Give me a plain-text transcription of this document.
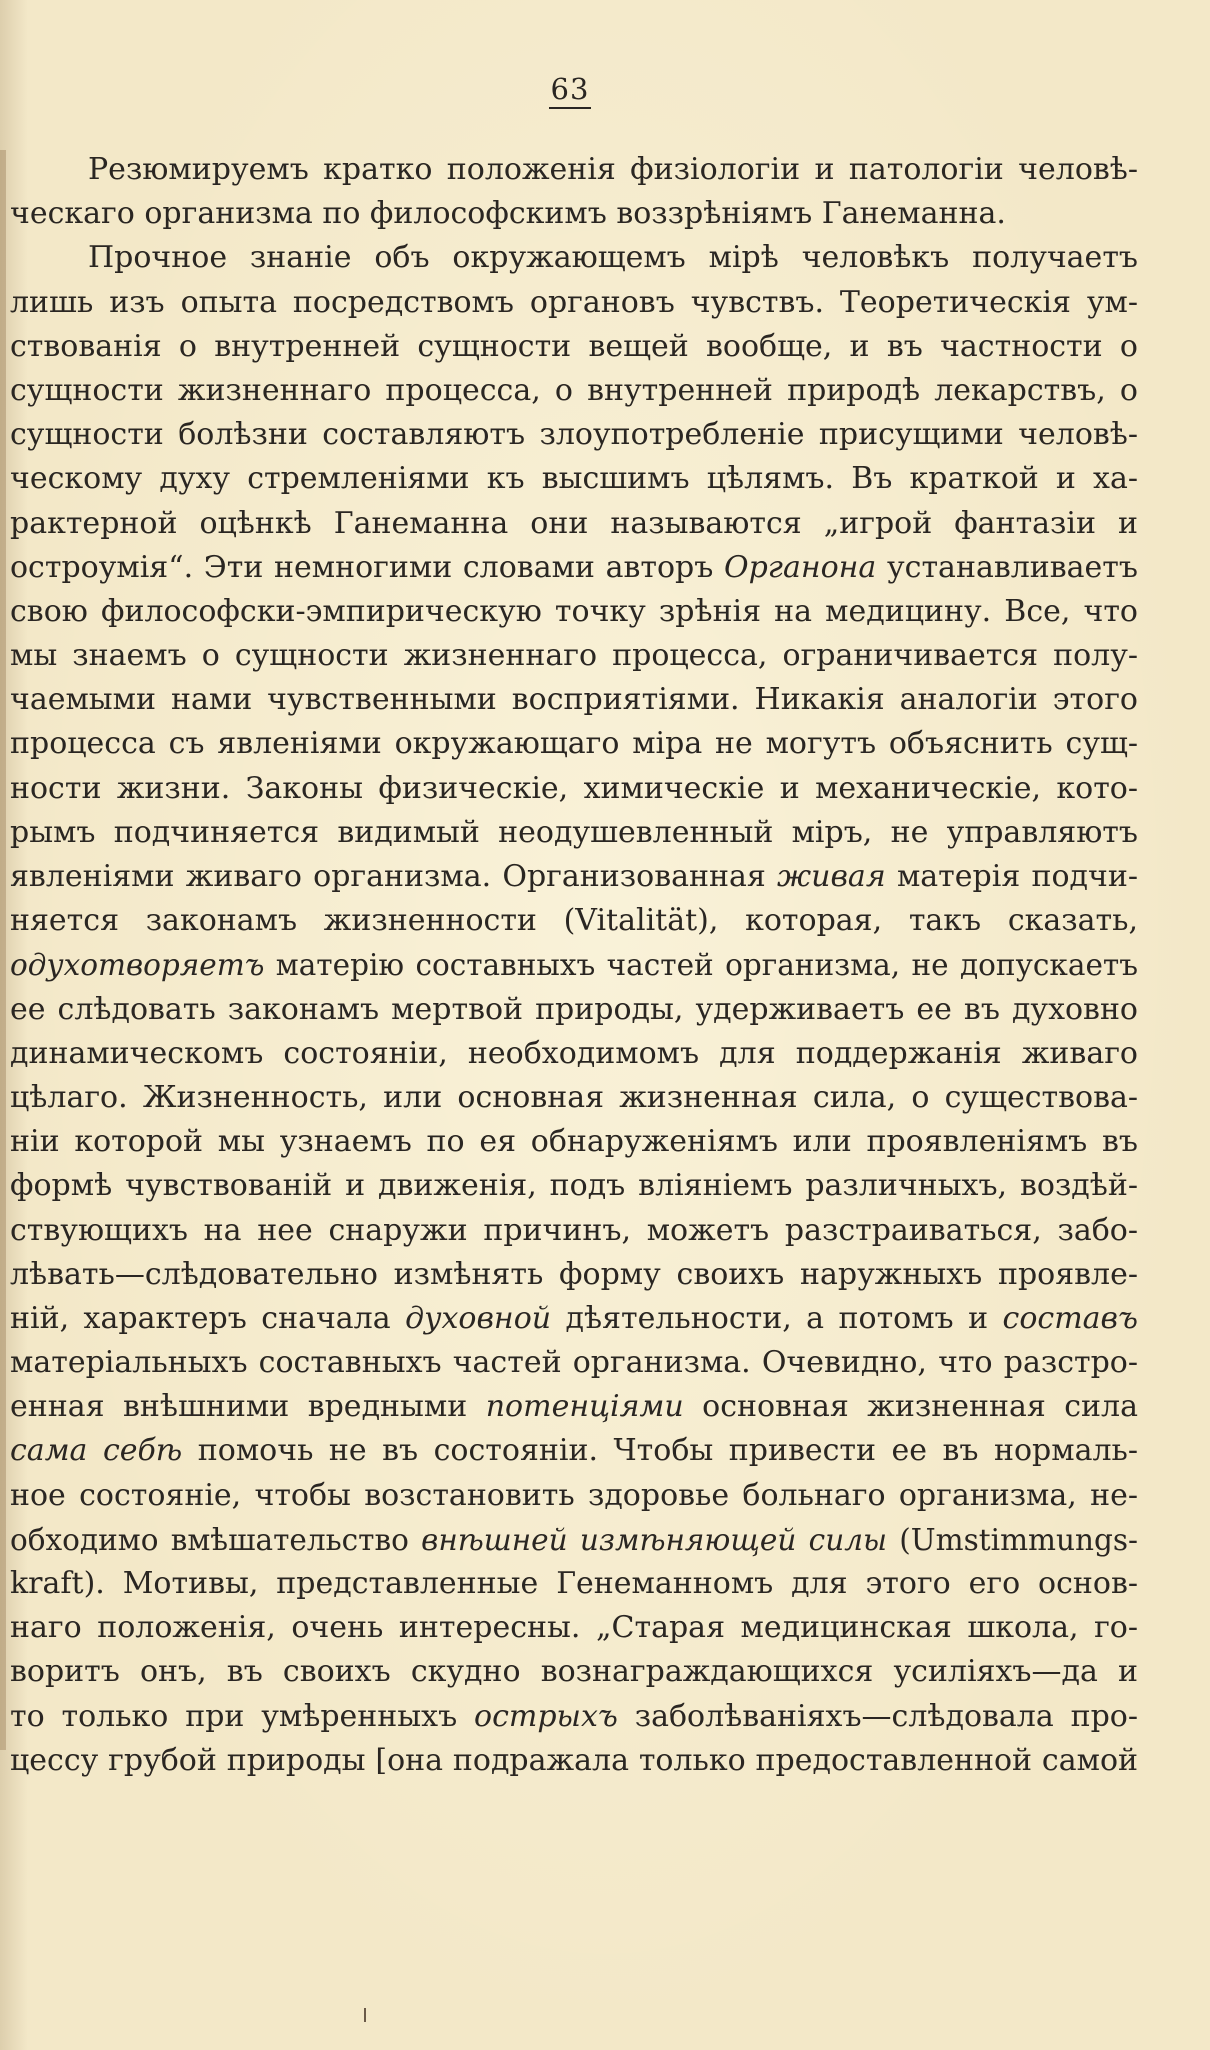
63
Резюмируемъ кратко положенія физіологіи и патологіи человѣ-
ческаго организма по философскимъ воззрѣніямъ Ганеманна.
Прочное знаніе объ окружающемъ мірѣ человѣкъ получаетъ
лишь изъ опыта посредствомъ органовъ чувствъ. Теоретическія ум-
ствованія о внутренней сущности вещей вообще, и въ частности о
сущности жизненнаго процесса, о внутренней природѣ лекарствъ, о
сущности болѣзни составляютъ злоупотребленіе присущими человѣ-
ческому духу стремленіями къ высшимъ цѣлямъ. Въ краткой и ха-
рактерной оцѣнкѣ Ганеманна они называются „игрой фантазіи и
остроумія“. Эти немногими словами авторъ Органона устанавливаетъ
свою философски-эмпирическую точку зрѣнія на медицину. Все, что
мы знаемъ о сущности жизненнаго процесса, ограничивается полу-
чаемыми нами чувственными восприятіями. Никакія аналогіи этого
процесса съ явленіями окружающаго міра не могутъ объяснить сущ-
ности жизни. Законы физическіе, химическіе и механическіе, кото-
рымъ подчиняется видимый неодушевленный міръ, не управляютъ
явленіями живаго организма. Организованная живая матерія подчи-
няется законамъ жизненности (Vitalität), которая, такъ сказать,
одухотворяетъ матерію составныхъ частей организма, не допускаетъ
ее слѣдовать законамъ мертвой природы, удерживаетъ ее въ духовно
динамическомъ состояніи, необходимомъ для поддержанія живаго
цѣлаго. Жизненность, или основная жизненная сила, о существова-
ніи которой мы узнаемъ по ея обнаруженіямъ или проявленіямъ въ
формѣ чувствованій и движенія, подъ вліяніемъ различныхъ, воздѣй-
ствующихъ на нее снаружи причинъ, можетъ разстраиваться, забо-
лѣвать—слѣдовательно измѣнять форму своихъ наружныхъ проявле-
ній, характеръ сначала духовной дѣятельности, а потомъ и составъ
матеріальныхъ составныхъ частей организма. Очевидно, что разстро-
енная внѣшними вредными потенціями основная жизненная сила
сама себѣ помочь не въ состояніи. Чтобы привести ее въ нормаль-
ное состояніе, чтобы возстановить здоровье больнаго организма, не-
обходимо вмѣшательство внѣшней измѣняющей силы (Umstimmungs-
kraft). Мотивы, представленные Генеманномъ для этого его основ-
наго положенія, очень интересны. „Старая медицинская школа, го-
воритъ онъ, въ своихъ скудно вознаграждающихся усиліяхъ—да и
то только при умѣренныхъ острыхъ заболѣваніяхъ—слѣдовала про-
цессу грубой природы [она подражала только предоставленной самой
